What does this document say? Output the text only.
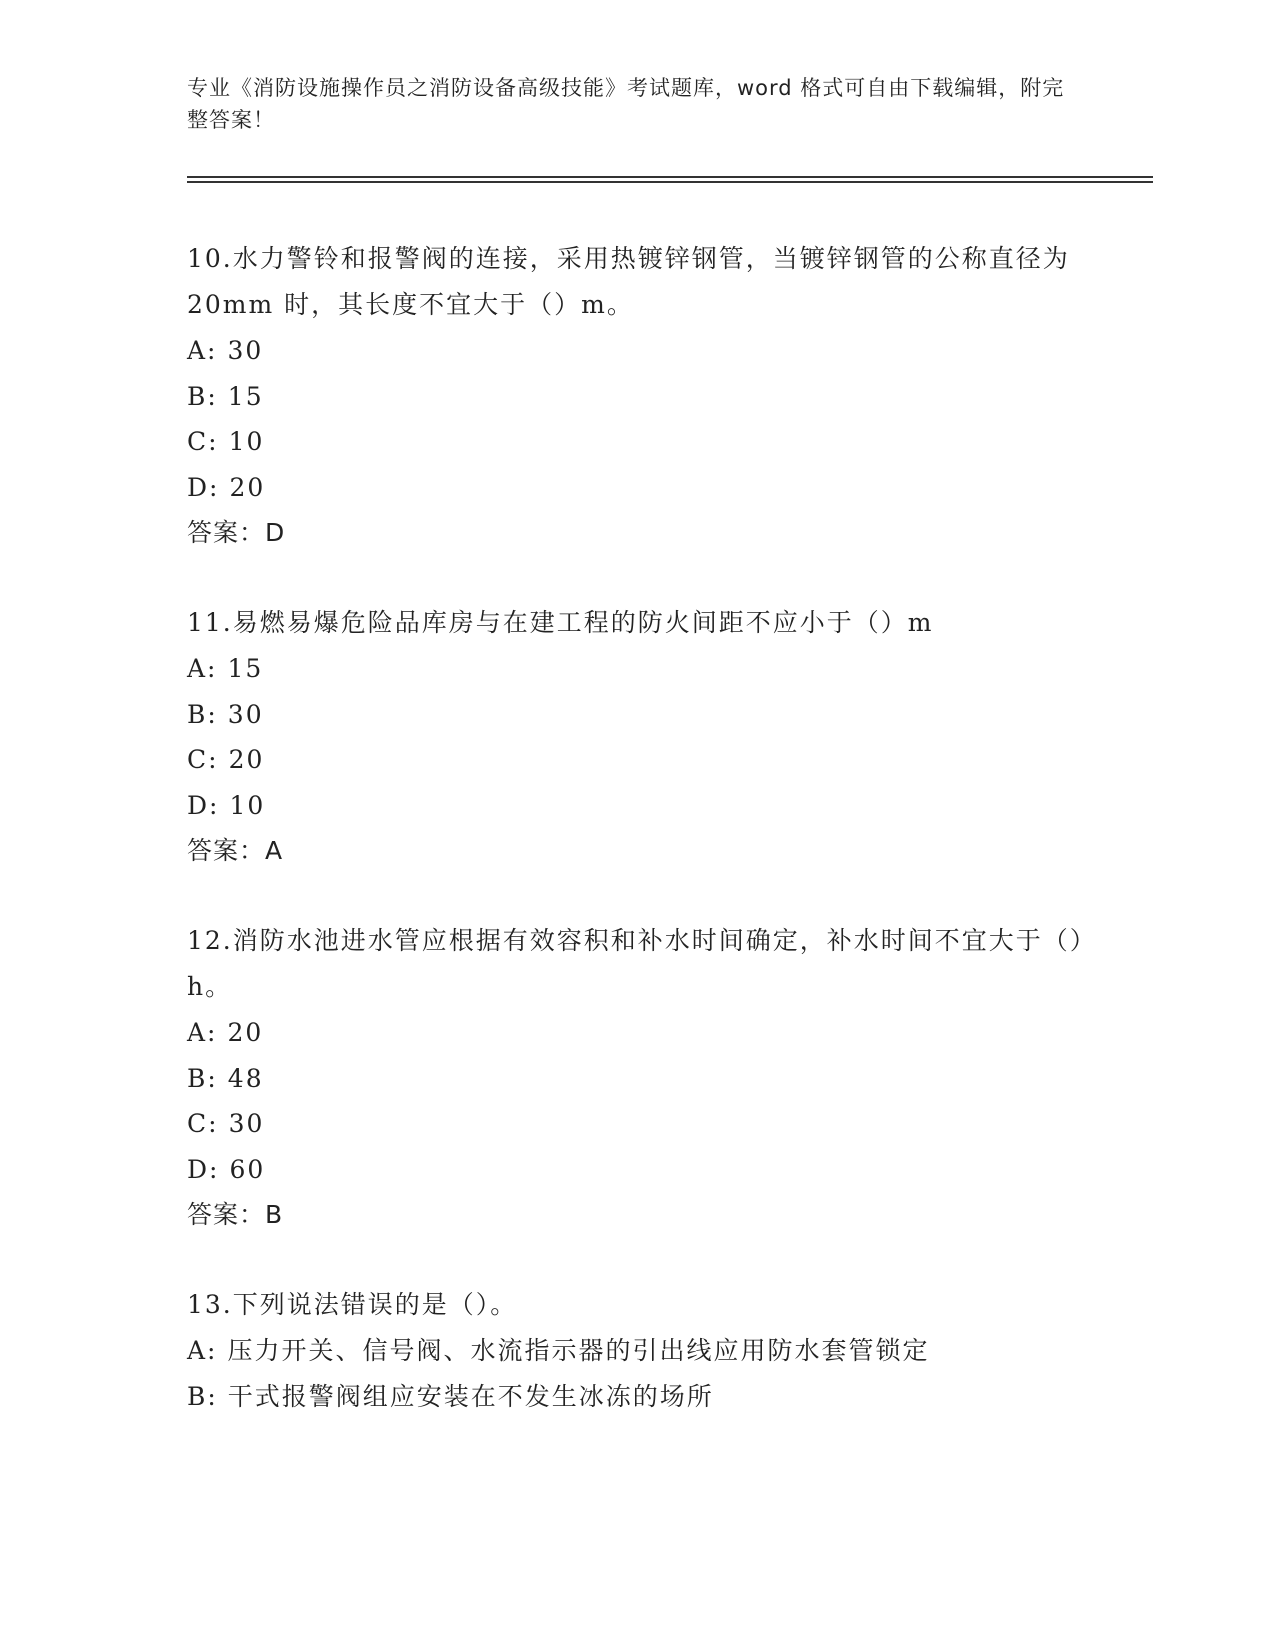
专业《消防设施操作员之消防设备高级技能》考试题库，word 格式可自由下载编辑，附完整答案！

10.水力警铃和报警阀的连接，采用热镀锌钢管，当镀锌钢管的公称直径为 20mm 时，其长度不宜大于（）m。

A: 30
B: 15
C: 10
D: 20

答案：D

11.易燃易爆危险品库房与在建工程的防火间距不应小于（）m

A: 15
B: 30
C: 20
D: 10

答案：A

12.消防水池进水管应根据有效容积和补水时间确定，补水时间不宜大于（）h。

A: 20
B: 48
C: 30
D: 60

答案：B

13.下列说法错误的是（）。

A: 压力开关、信号阀、水流指示器的引出线应用防水套管锁定
B: 干式报警阀组应安装在不发生冰冻的场所
